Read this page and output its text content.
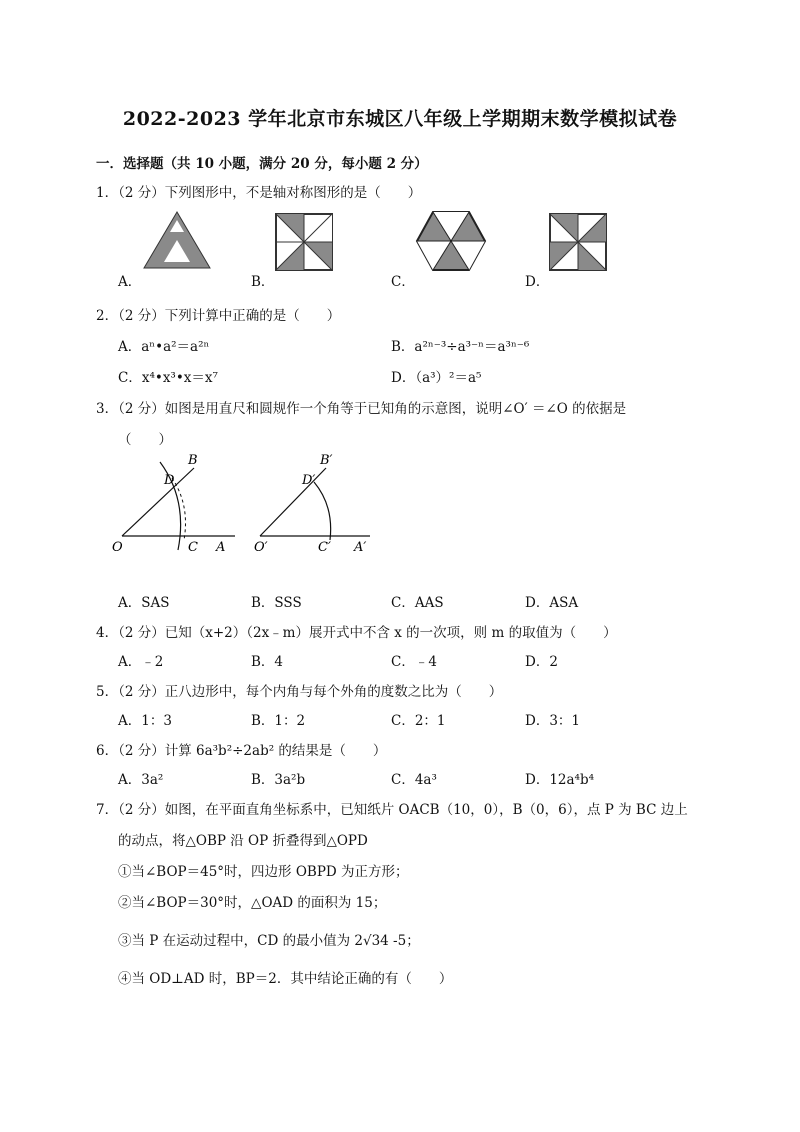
2022-2023 学年北京市东城区八年级上学期期末数学模拟试卷
一．选择题（共 10 小题，满分 20 分，每小题 2 分）
1．（2 分）下列图形中，不是轴对称图形的是（　　）
A．	B．	C．	D．
2．（2 分）下列计算中正确的是（　　）
A．aⁿ•a²＝a²ⁿ	B．a²ⁿ⁻³÷a³⁻ⁿ＝a³ⁿ⁻⁶
C．x⁴•x³•x＝x⁷	D．（a³）²＝a⁵
3．（2 分）如图是用直尺和圆规作一个角等于已知角的示意图，说明∠O′ ＝∠O 的依据是
（　　）
B
D
O	C A
B′
D′
O′	C′ A′
A．SAS	B．SSS	C．AAS	D．ASA
4．（2 分）已知（x+2）（2x﹣m）展开式中不含 x 的一次项，则 m 的取值为（　　）
A．﹣2	B．4	C．﹣4	D．2
5．（2 分）正八边形中，每个内角与每个外角的度数之比为（　　）
A．1：3	B．1：2	C．2：1	D．3：1
6．（2 分）计算 6a³b²÷2ab² 的结果是（　　）
A．3a²	B．3a²b	C．4a³	D．12a⁴b⁴
7．（2 分）如图，在平面直角坐标系中，已知纸片 OACB（10，0），B（0，6），点 P 为 BC 边上
的动点，将△OBP 沿 OP 折叠得到△OPD
①当∠BOP＝45°时，四边形 OBPD 为正方形；
②当∠BOP＝30°时，△OAD 的面积为 15；
③当 P 在运动过程中，CD 的最小值为 2√34 -5；
④当 OD⊥AD 时，BP＝2．其中结论正确的有（　　）
